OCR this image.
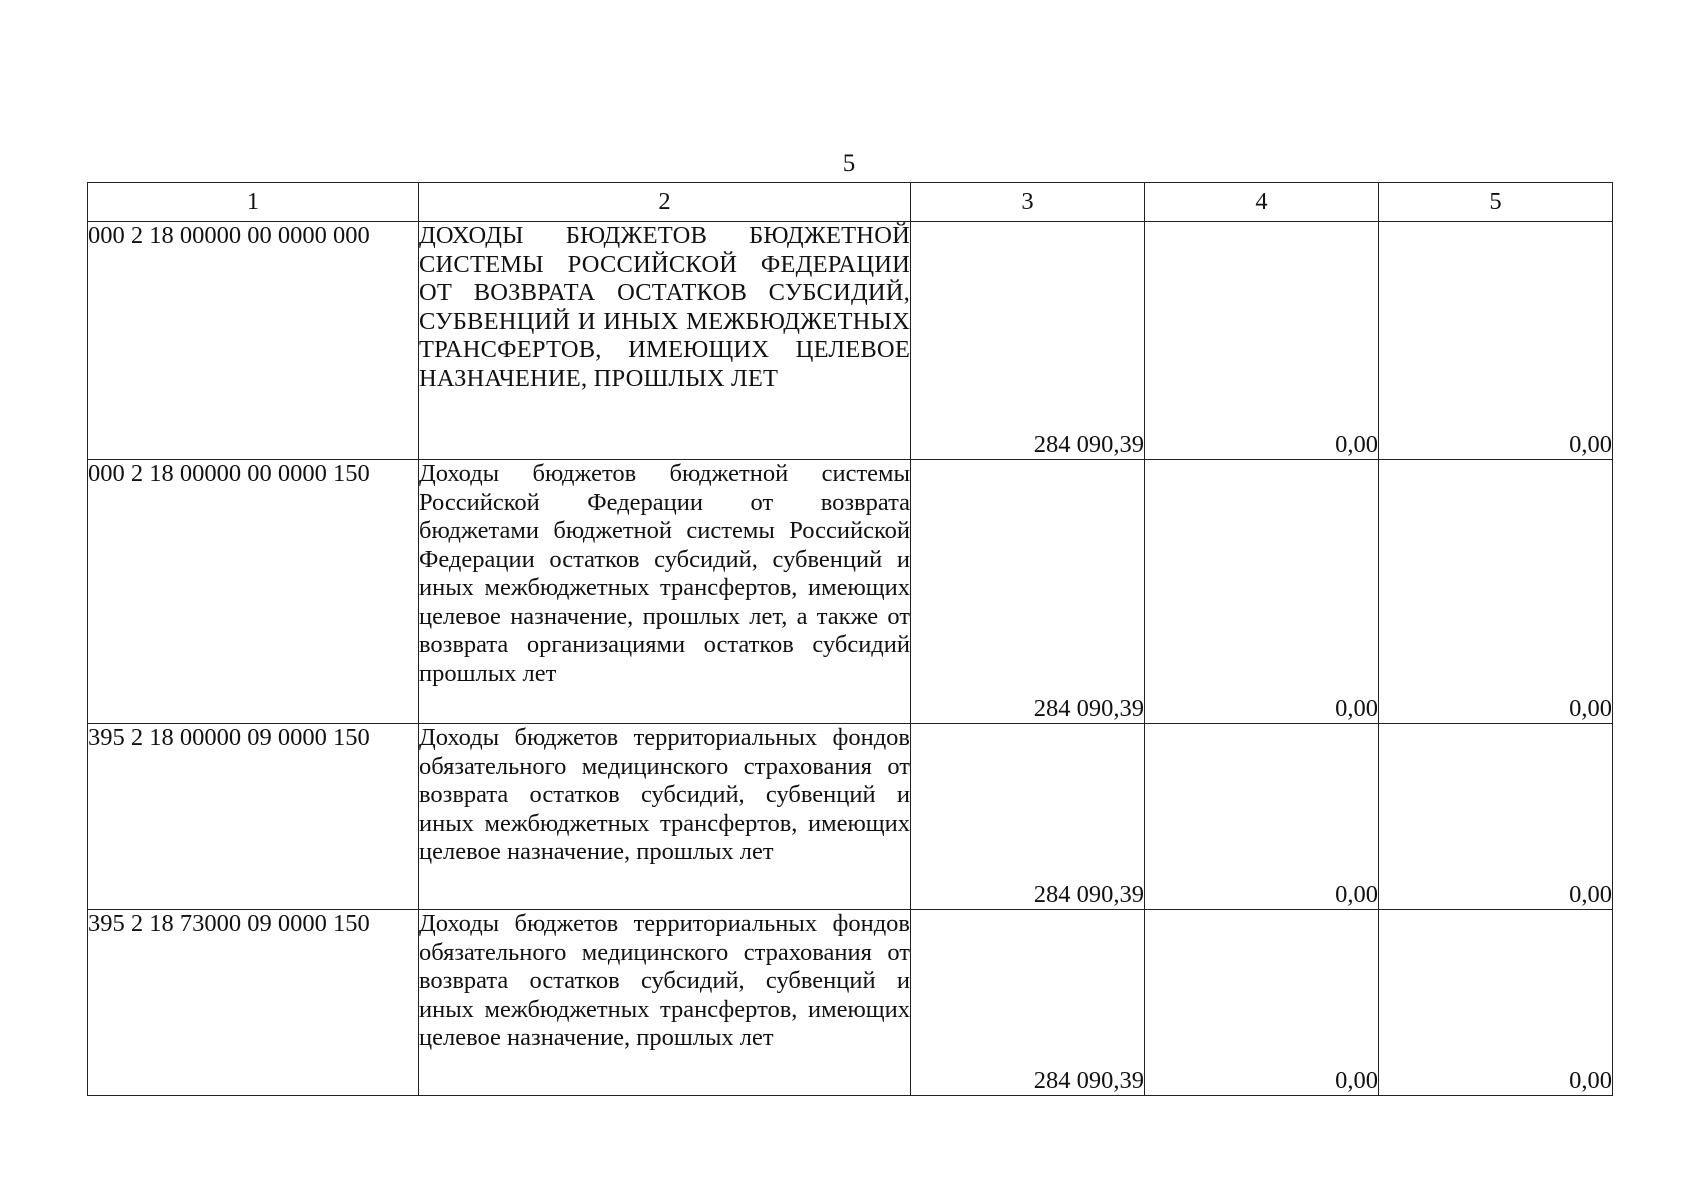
5
1	2	3	4	5
000 2 18 00000 00 0000 000	ДОХОДЫ БЮДЖЕТОВ БЮДЖЕТНОЙ СИСТЕМЫ РОССИЙСКОЙ ФЕДЕРАЦИИ ОТ ВОЗВРАТА ОСТАТКОВ СУБСИДИЙ, СУБВЕНЦИЙ И ИНЫХ МЕЖБЮДЖЕТНЫХ ТРАНСФЕРТОВ, ИМЕЮЩИХ ЦЕЛЕВОЕ НАЗНАЧЕНИЕ, ПРОШЛЫХ ЛЕТ	284 090,39	0,00	0,00
000 2 18 00000 00 0000 150	Доходы бюджетов бюджетной системы Российской Федерации от возврата бюджетами бюджетной системы Российской Федерации остатков субсидий, субвенций и иных межбюджетных трансфертов, имеющих целевое назначение, прошлых лет, а также от возврата организациями остатков субсидий прошлых лет	284 090,39	0,00	0,00
395 2 18 00000 09 0000 150	Доходы бюджетов территориальных фондов обязательного медицинского страхования от возврата остатков субсидий, субвенций и иных межбюджетных трансфертов, имеющих целевое назначение, прошлых лет	284 090,39	0,00	0,00
395 2 18 73000 09 0000 150	Доходы бюджетов территориальных фондов обязательного медицинского страхования от возврата остатков субсидий, субвенций и иных межбюджетных трансфертов, имеющих целевое назначение, прошлых лет	284 090,39	0,00	0,00
